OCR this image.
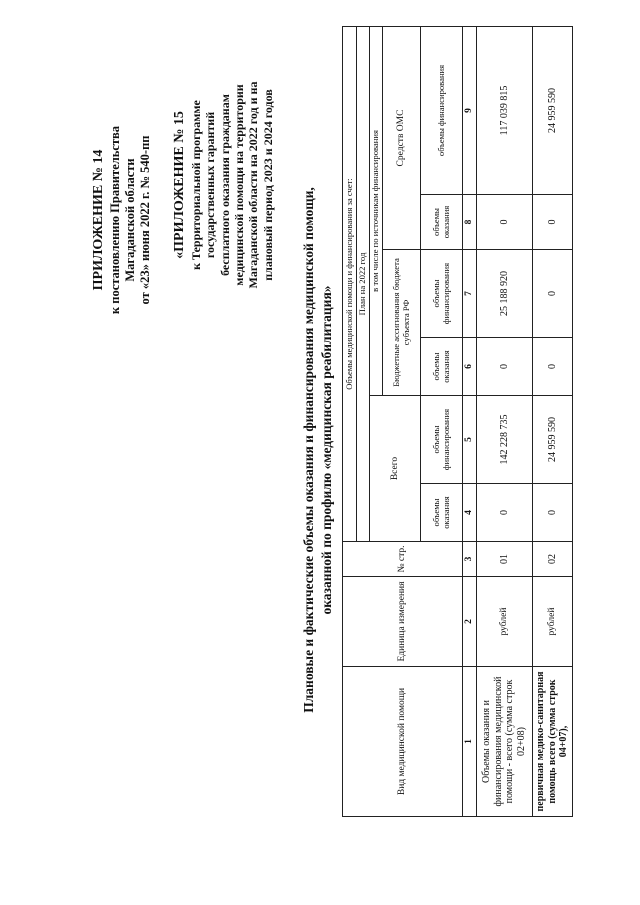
ПРИЛОЖЕНИЕ № 14 к постановлению Правительства Магаданской области от «23» июня 2022 г. № 540-пп «ПРИЛОЖЕНИЕ № 15 к Территориальной программе государственных гарантий бесплатного оказания гражданам медицинской помощи на территории Магаданской области на 2022 год и на плановый период 2023 и 2024 годов
Плановые и фактические объемы оказания и финансирования медицинской помощи, оказанной по профилю «медицинская реабилитация»
Вид медицинской помощи	Единица измерения	№ стр.	Объемы медицинской помощи и финансирования за счет:					
			План на 2022 год					
			Всего		в том числе по источникам финансирования			
					Бюджетные ассигнования бюджета субъекта РФ		Средств ОМС	
			объемы оказания	объемы финансирования	объемы оказания	объемы финансирования	объемы оказания	объемы финансирования
1	2	3	4	5	6	7	8	9
Объемы оказания и финансирования медицинской помощи - всего (сумма строк 02+08)	рублей	01	0	142 228 735	0	25 188 920	0	117 039 815
первичная медико-санитарная помощь всего (сумма строк 04+07),	рублей	02	0	24 959 590	0	0	0	24 959 590
